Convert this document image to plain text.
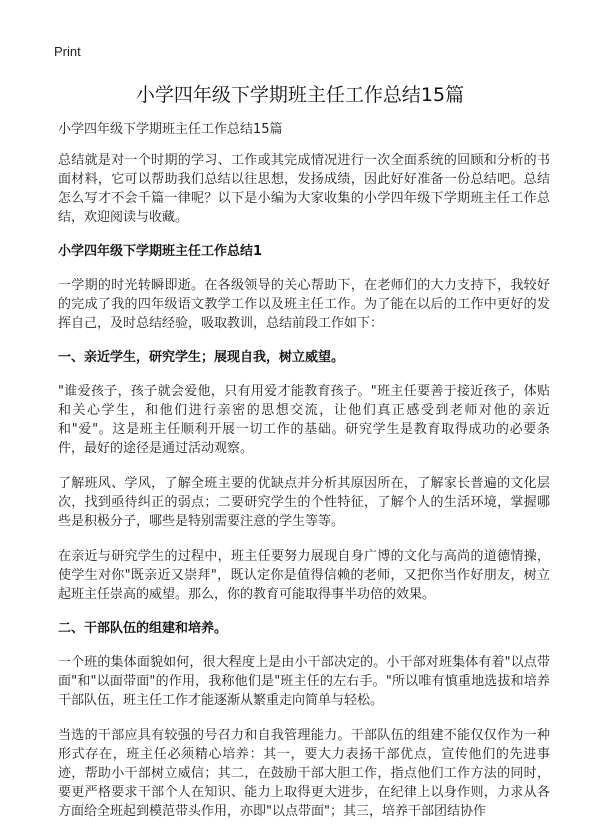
Print
小学四年级下学期班主任工作总结15篇
小学四年级下学期班主任工作总结15篇

总结就是对一个时期的学习、工作或其完成情况进行一次全面系统的回顾和分析的书面材料，它可以帮助我们总结以往思想，发扬成绩，因此好好准备一份总结吧。总结怎么写才不会千篇一律呢？以下是小编为大家收集的小学四年级下学期班主任工作总结，欢迎阅读与收藏。

小学四年级下学期班主任工作总结1

一学期的时光转瞬即逝。在各级领导的关心帮助下，在老师们的大力支持下，我较好的完成了我的四年级语文教学工作以及班主任工作。为了能在以后的工作中更好的发挥自己，及时总结经验，吸取教训，总结前段工作如下：

一、亲近学生，研究学生；展现自我，树立威望。

"谁爱孩子，孩子就会爱他，只有用爱才能教育孩子。"班主任要善于接近孩子，体贴和关心学生，和他们进行亲密的思想交流，让他们真正感受到老师对他的亲近和"爱"。这是班主任顺利开展一切工作的基础。研究学生是教育取得成功的必要条件，最好的途径是通过活动观察。

了解班风、学风，了解全班主要的优缺点并分析其原因所在，了解家长普遍的文化层次，找到亟待纠正的弱点；二要研究学生的个性特征，了解个人的生活环境，掌握哪些是积极分子，哪些是特别需要注意的学生等等。

在亲近与研究学生的过程中，班主任要努力展现自身广博的文化与高尚的道德情操，使学生对你"既亲近又崇拜"，既认定你是值得信赖的老师，又把你当作好朋友，树立起班主任崇高的威望。那么，你的教育可能取得事半功倍的效果。

二、干部队伍的组建和培养。

一个班的集体面貌如何，很大程度上是由小干部决定的。小干部对班集体有着"以点带面"和"以面带面"的作用，我称他们是"班主任的左右手。"所以唯有慎重地选拔和培养干部队伍，班主任工作才能逐渐从繁重走向简单与轻松。

当选的干部应具有较强的号召力和自我管理能力。干部队伍的组建不能仅仅作为一种形式存在，班主任必须精心培养：其一，要大力表扬干部优点，宣传他们的先进事迹，帮助小干部树立威信；其二，在鼓励干部大胆工作，指点他们工作方法的同时，要更严格要求干部个人在知识、能力上取得更大进步，在纪律上以身作则，力求从各方面给全班起到模范带头作用，亦即"以点带面"；其三，培养干部团结协作
